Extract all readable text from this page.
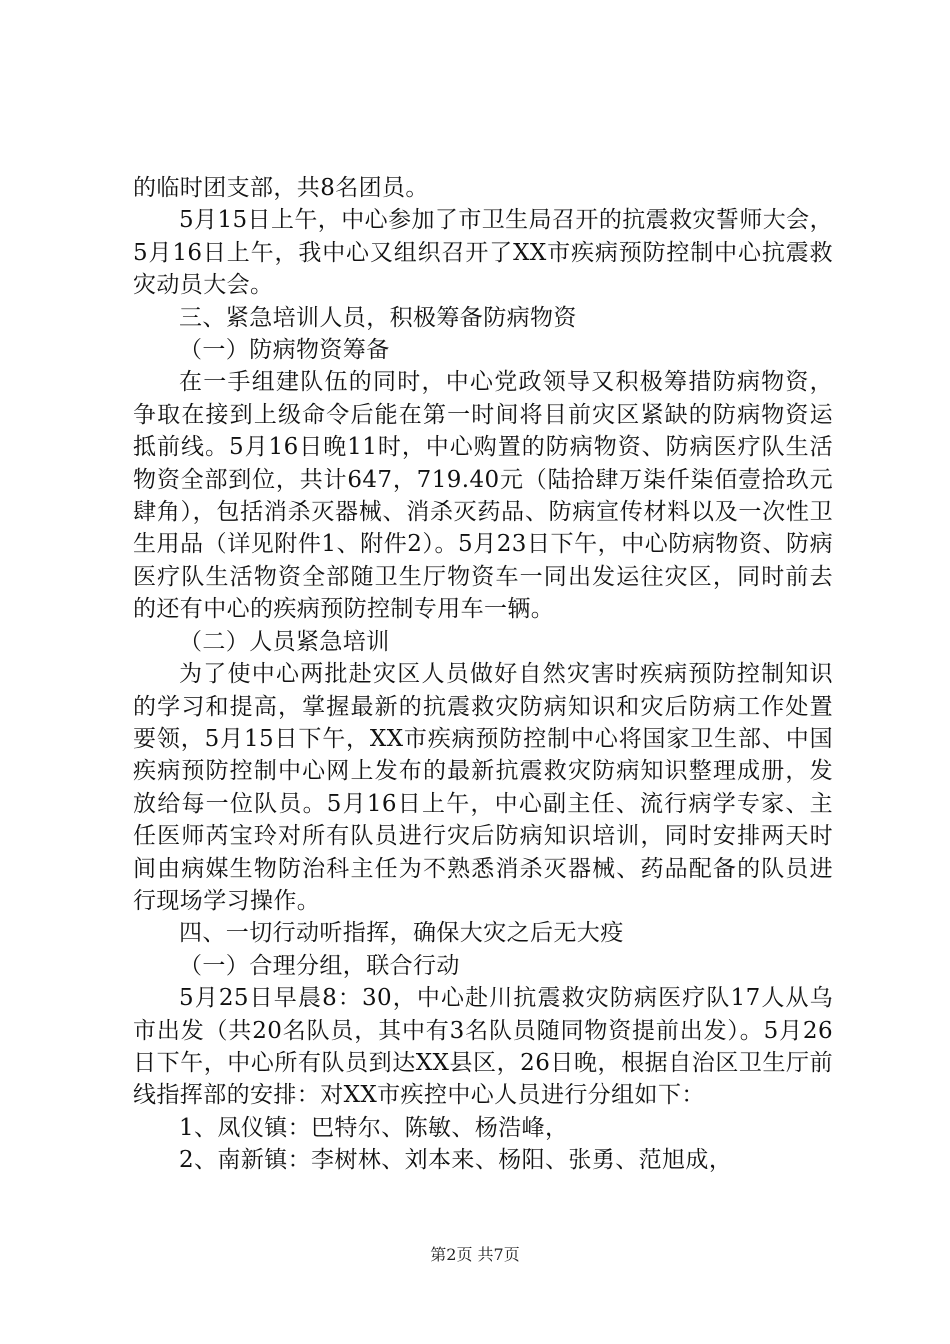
的临时团支部，共8名团员。

5月15日上午，中心参加了市卫生局召开的抗震救灾誓师大会，5月16日上午，我中心又组织召开了XX市疾病预防控制中心抗震救灾动员大会。

三、紧急培训人员，积极筹备防病物资

（一）防病物资筹备

在一手组建队伍的同时，中心党政领导又积极筹措防病物资，争取在接到上级命令后能在第一时间将目前灾区紧缺的防病物资运抵前线。5月16日晚11时，中心购置的防病物资、防病医疗队生活物资全部到位，共计647，719.40元（陆拾肆万柒仟柒佰壹拾玖元肆角），包括消杀灭器械、消杀灭药品、防病宣传材料以及一次性卫生用品（详见附件1、附件2）。5月23日下午，中心防病物资、防病医疗队生活物资全部随卫生厅物资车一同出发运往灾区，同时前去的还有中心的疾病预防控制专用车一辆。

（二）人员紧急培训

为了使中心两批赴灾区人员做好自然灾害时疾病预防控制知识的学习和提高，掌握最新的抗震救灾防病知识和灾后防病工作处置要领，5月15日下午，XX市疾病预防控制中心将国家卫生部、中国疾病预防控制中心网上发布的最新抗震救灾防病知识整理成册，发放给每一位队员。5月16日上午，中心副主任、流行病学专家、主任医师芮宝玲对所有队员进行灾后防病知识培训，同时安排两天时间由病媒生物防治科主任为不熟悉消杀灭器械、药品配备的队员进行现场学习操作。

四、一切行动听指挥，确保大灾之后无大疫

（一）合理分组，联合行动

5月25日早晨8：30，中心赴川抗震救灾防病医疗队17人从乌市出发（共20名队员，其中有3名队员随同物资提前出发）。5月26日下午，中心所有队员到达XX县区，26日晚，根据自治区卫生厅前线指挥部的安排：对XX市疾控中心人员进行分组如下：

1、凤仪镇：巴特尔、陈敏、杨浩峰，

2、南新镇：李树林、刘本来、杨阳、张勇、范旭成，

第2页 共7页
